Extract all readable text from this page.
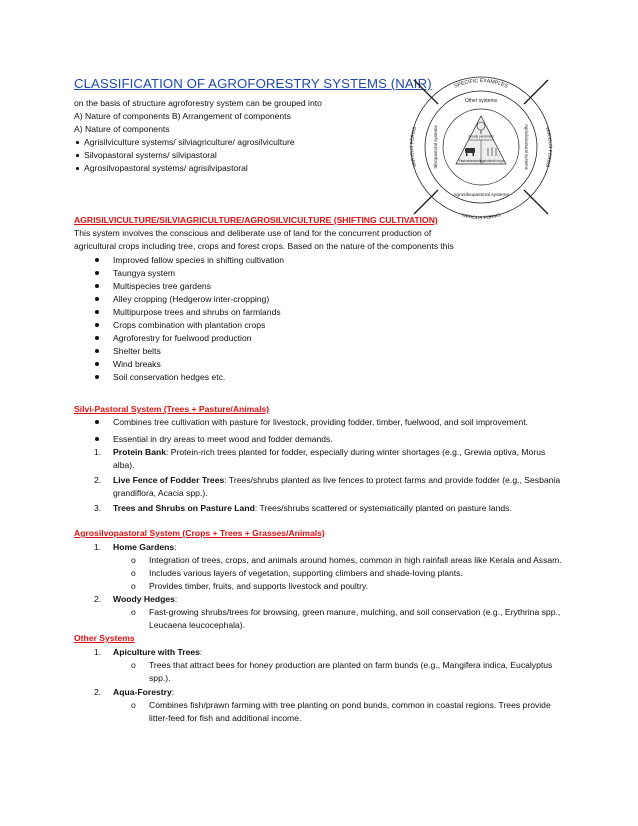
CLASSIFICATION OF AGROFORESTRY SYSTEMS (NAIR)
on the basis of structure agroforestry system can be grouped into
A) Nature of components B) Arrangement of components
A) Nature of components
Agrisilviculture systems/ silviagriculture/ agrosilviculture
Silvopastoral systems/ silvipastoral
Agrosilvopastoral systems/ agrisilvipastoral
SPECIFIC EXAMPLES
VARIOUS FORMS	VARIOUS FORMS
VARIOUS FORMS
Other systems
Agrosilvopastoral systems
Silvopastoral systems	Agrisilvicultural systems
Woody perennials
Pasture/animals
Agricultural crops
AGRISILVICULTURE/SILVIAGRICULTURE/AGROSILVICULTURE (SHIFTING CULTIVATION)
This system involves the conscious and deliberate use of land for the concurrent production of
agricultural crops including tree, crops and forest crops. Based on the nature of the components this
Improved fallow species in shifting cultivation
Taungya system
Multispecies tree gardens
Alley cropping (Hedgerow inter-cropping)
Multipurpose trees and shrubs on farmlands
Crops combination with plantation crops
Agroforestry for fuelwood production
Shelter belts
Wind breaks
Soil conservation hedges etc.
Silvi-Pastoral System (Trees + Pasture/Animals)
Combines tree cultivation with pasture for livestock, providing fodder, timber, fuelwood, and soil improvement.
Essential in dry areas to meet wood and fodder demands.
1. Protein Bank: Protein-rich trees planted for fodder, especially during winter shortages (e.g., Grewia optiva, Morus
alba).
2. Live Fence of Fodder Trees: Trees/shrubs planted as live fences to protect farms and provide fodder (e.g., Sesbania
grandiflora, Acacia spp.).
3. Trees and Shrubs on Pasture Land: Trees/shrubs scattered or systematically planted on pasture lands.
Agrosilvopastoral System (Crops + Trees + Grasses/Animals)
1. Home Gardens:
o Integration of trees, crops, and animals around homes, common in high rainfall areas like Kerala and Assam.
o Includes various layers of vegetation, supporting climbers and shade-loving plants.
o Provides timber, fruits, and supports livestock and poultry.
2. Woody Hedges:
o Fast-growing shrubs/trees for browsing, green manure, mulching, and soil conservation (e.g., Erythrina spp.,
Leucaena leucocephala).
Other Systems
1. Apiculture with Trees:
o Trees that attract bees for honey production are planted on farm bunds (e.g., Mangifera indica, Eucalyptus
spp.).
2. Aqua-Forestry:
o Combines fish/prawn farming with tree planting on pond bunds, common in coastal regions. Trees provide
litter-feed for fish and additional income.
